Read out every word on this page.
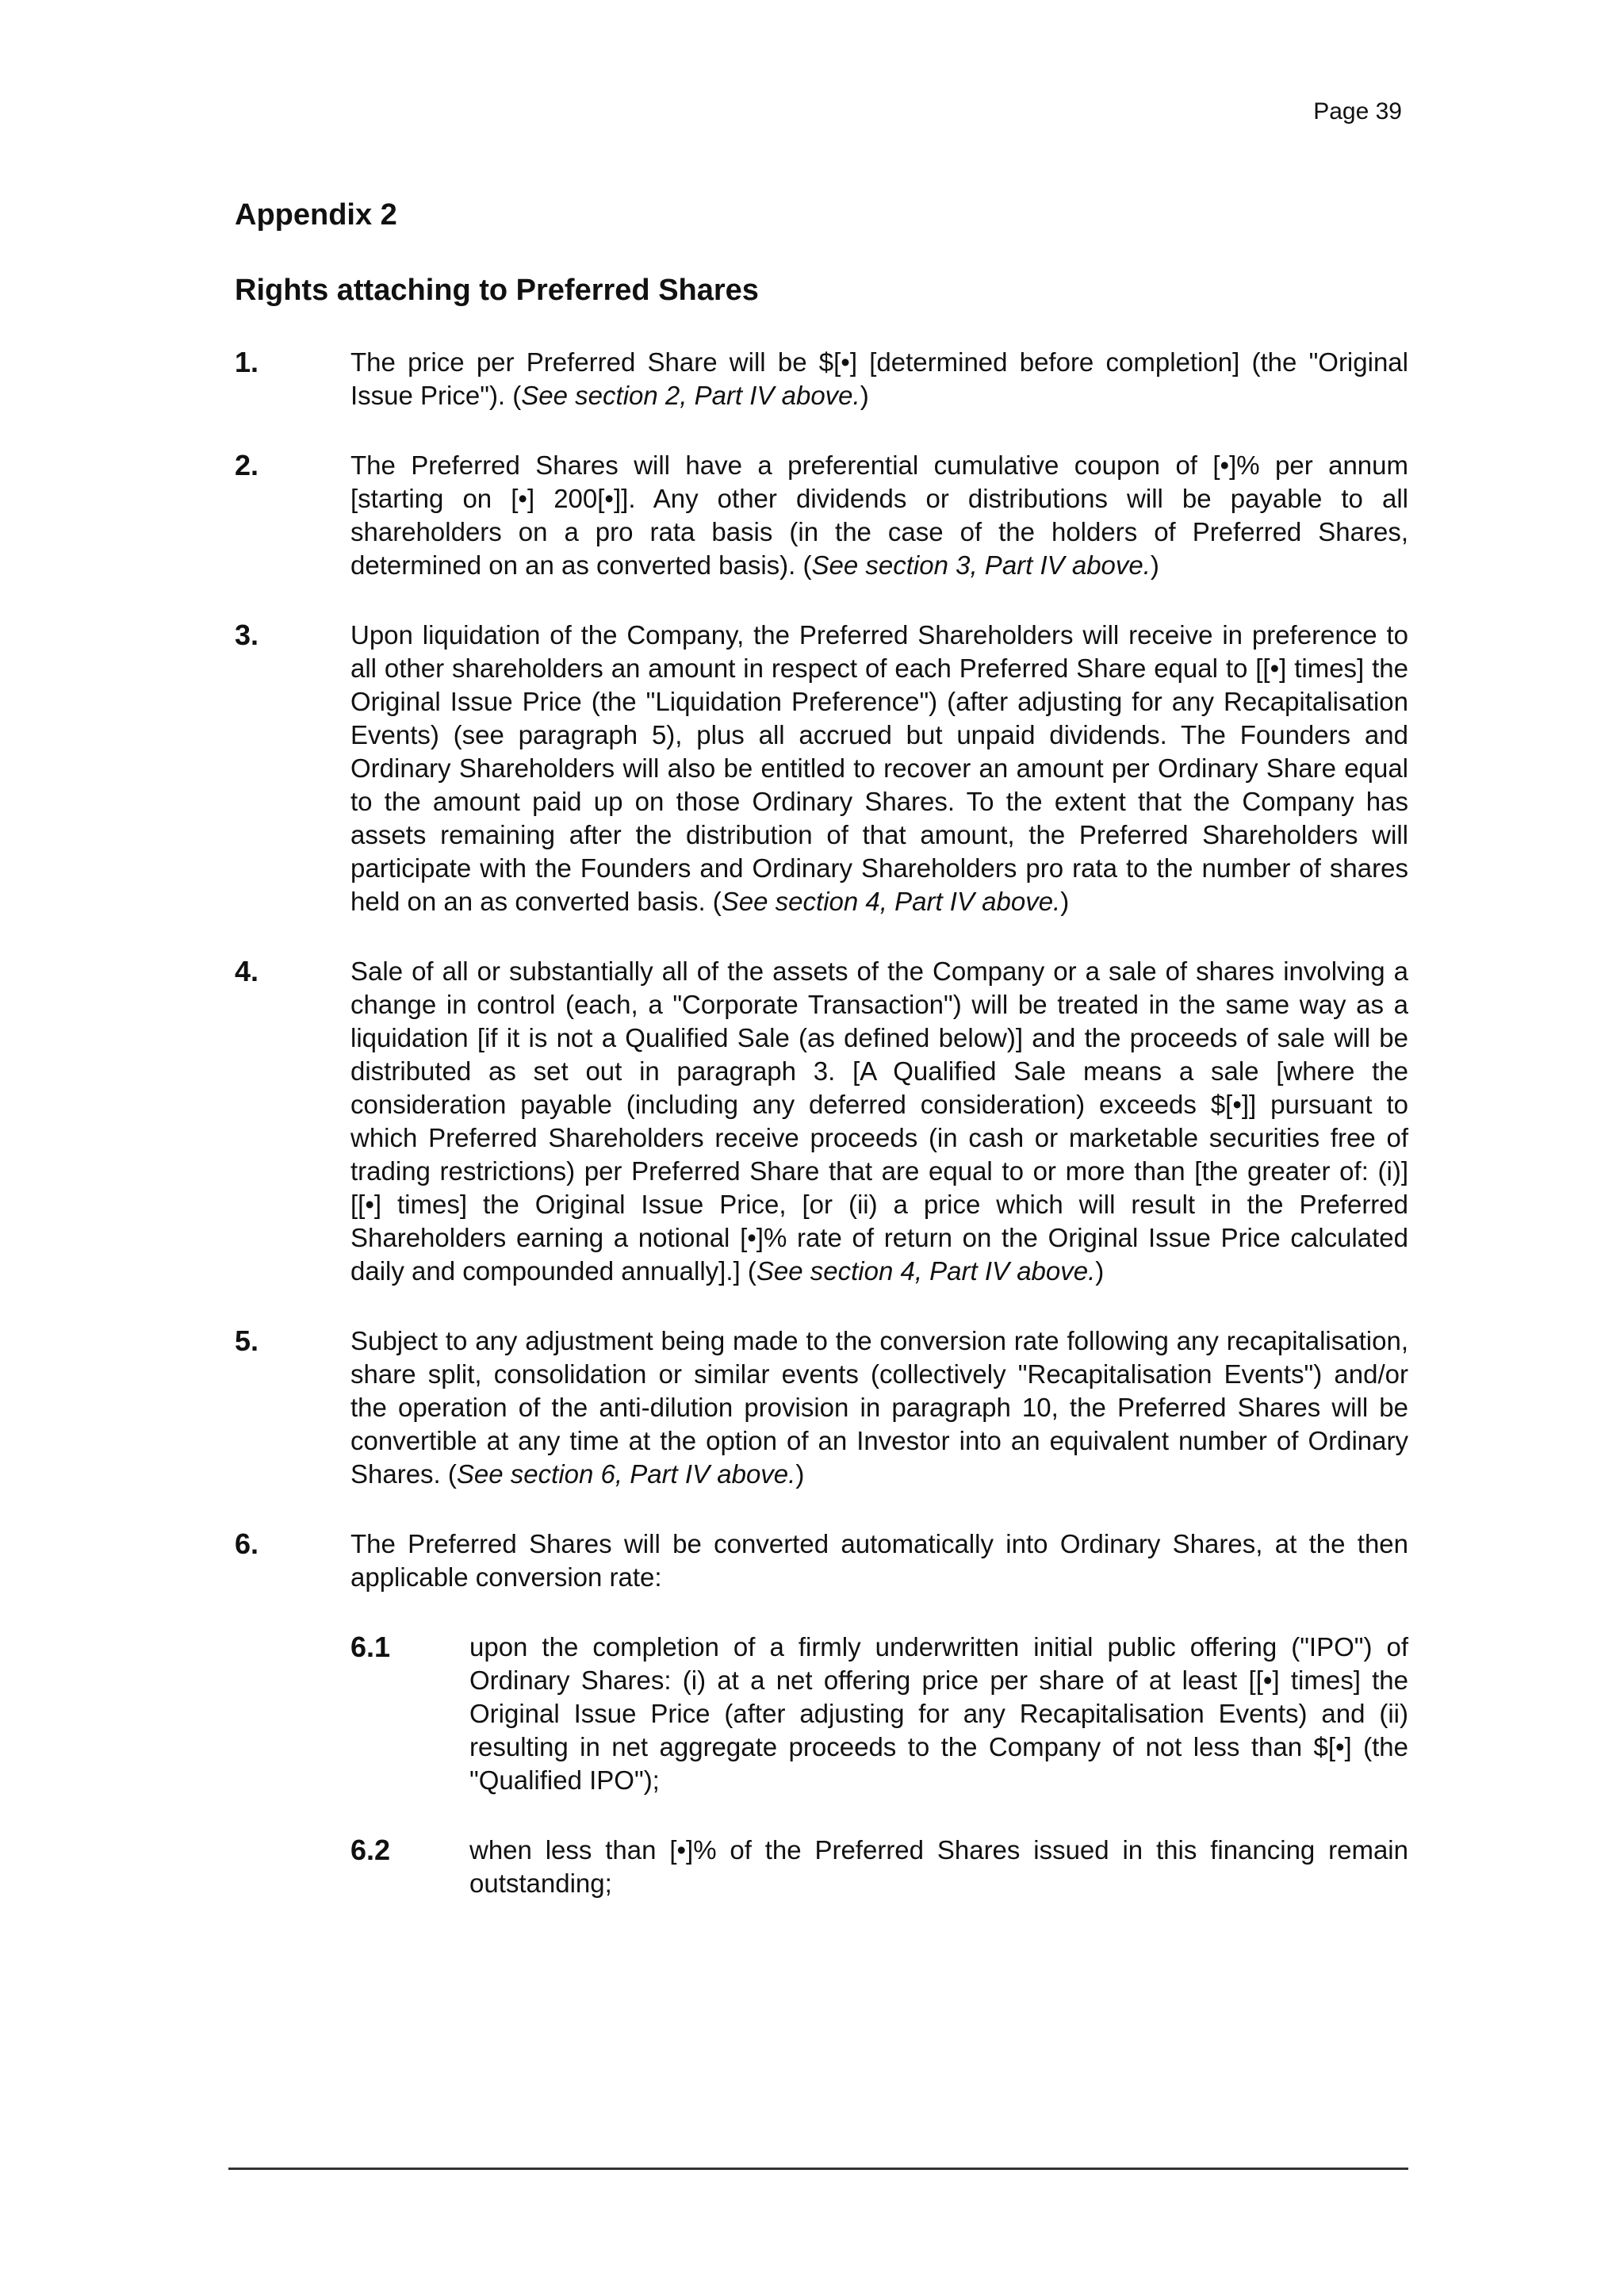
Page 39
Appendix 2
Rights attaching to Preferred Shares
1.	The price per Preferred Share will be $[•] [determined before completion] (the "Original Issue Price"). (See section 2, Part IV above.)
2.	The Preferred Shares will have a preferential cumulative coupon of [•]% per annum [starting on [•] 200[•]]. Any other dividends or distributions will be payable to all shareholders on a pro rata basis (in the case of the holders of Preferred Shares, determined on an as converted basis). (See section 3, Part IV above.)
3.	Upon liquidation of the Company, the Preferred Shareholders will receive in preference to all other shareholders an amount in respect of each Preferred Share equal to [[•] times] the Original Issue Price (the "Liquidation Preference") (after adjusting for any Recapitalisation Events) (see paragraph 5), plus all accrued but unpaid dividends. The Founders and Ordinary Shareholders will also be entitled to recover an amount per Ordinary Share equal to the amount paid up on those Ordinary Shares. To the extent that the Company has assets remaining after the distribution of that amount, the Preferred Shareholders will participate with the Founders and Ordinary Shareholders pro rata to the number of shares held on an as converted basis. (See section 4, Part IV above.)
4.	Sale of all or substantially all of the assets of the Company or a sale of shares involving a change in control (each, a "Corporate Transaction") will be treated in the same way as a liquidation [if it is not a Qualified Sale (as defined below)] and the proceeds of sale will be distributed as set out in paragraph 3. [A Qualified Sale means a sale [where the consideration payable (including any deferred consideration) exceeds $[•]] pursuant to which Preferred Shareholders receive proceeds (in cash or marketable securities free of trading restrictions) per Preferred Share that are equal to or more than [the greater of: (i)] [[•] times] the Original Issue Price, [or (ii) a price which will result in the Preferred Shareholders earning a notional [•]% rate of return on the Original Issue Price calculated daily and compounded annually].] (See section 4, Part IV above.)
5.	Subject to any adjustment being made to the conversion rate following any recapitalisation, share split, consolidation or similar events (collectively "Recapitalisation Events") and/or the operation of the anti-dilution provision in paragraph 10, the Preferred Shares will be convertible at any time at the option of an Investor into an equivalent number of Ordinary Shares. (See section 6, Part IV above.)
6.	The Preferred Shares will be converted automatically into Ordinary Shares, at the then applicable conversion rate:
6.1	upon the completion of a firmly underwritten initial public offering ("IPO") of Ordinary Shares: (i) at a net offering price per share of at least [[•] times] the Original Issue Price (after adjusting for any Recapitalisation Events) and (ii) resulting in net aggregate proceeds to the Company of not less than $[•] (the "Qualified IPO");
6.2	when less than [•]% of the Preferred Shares issued in this financing remain outstanding;
